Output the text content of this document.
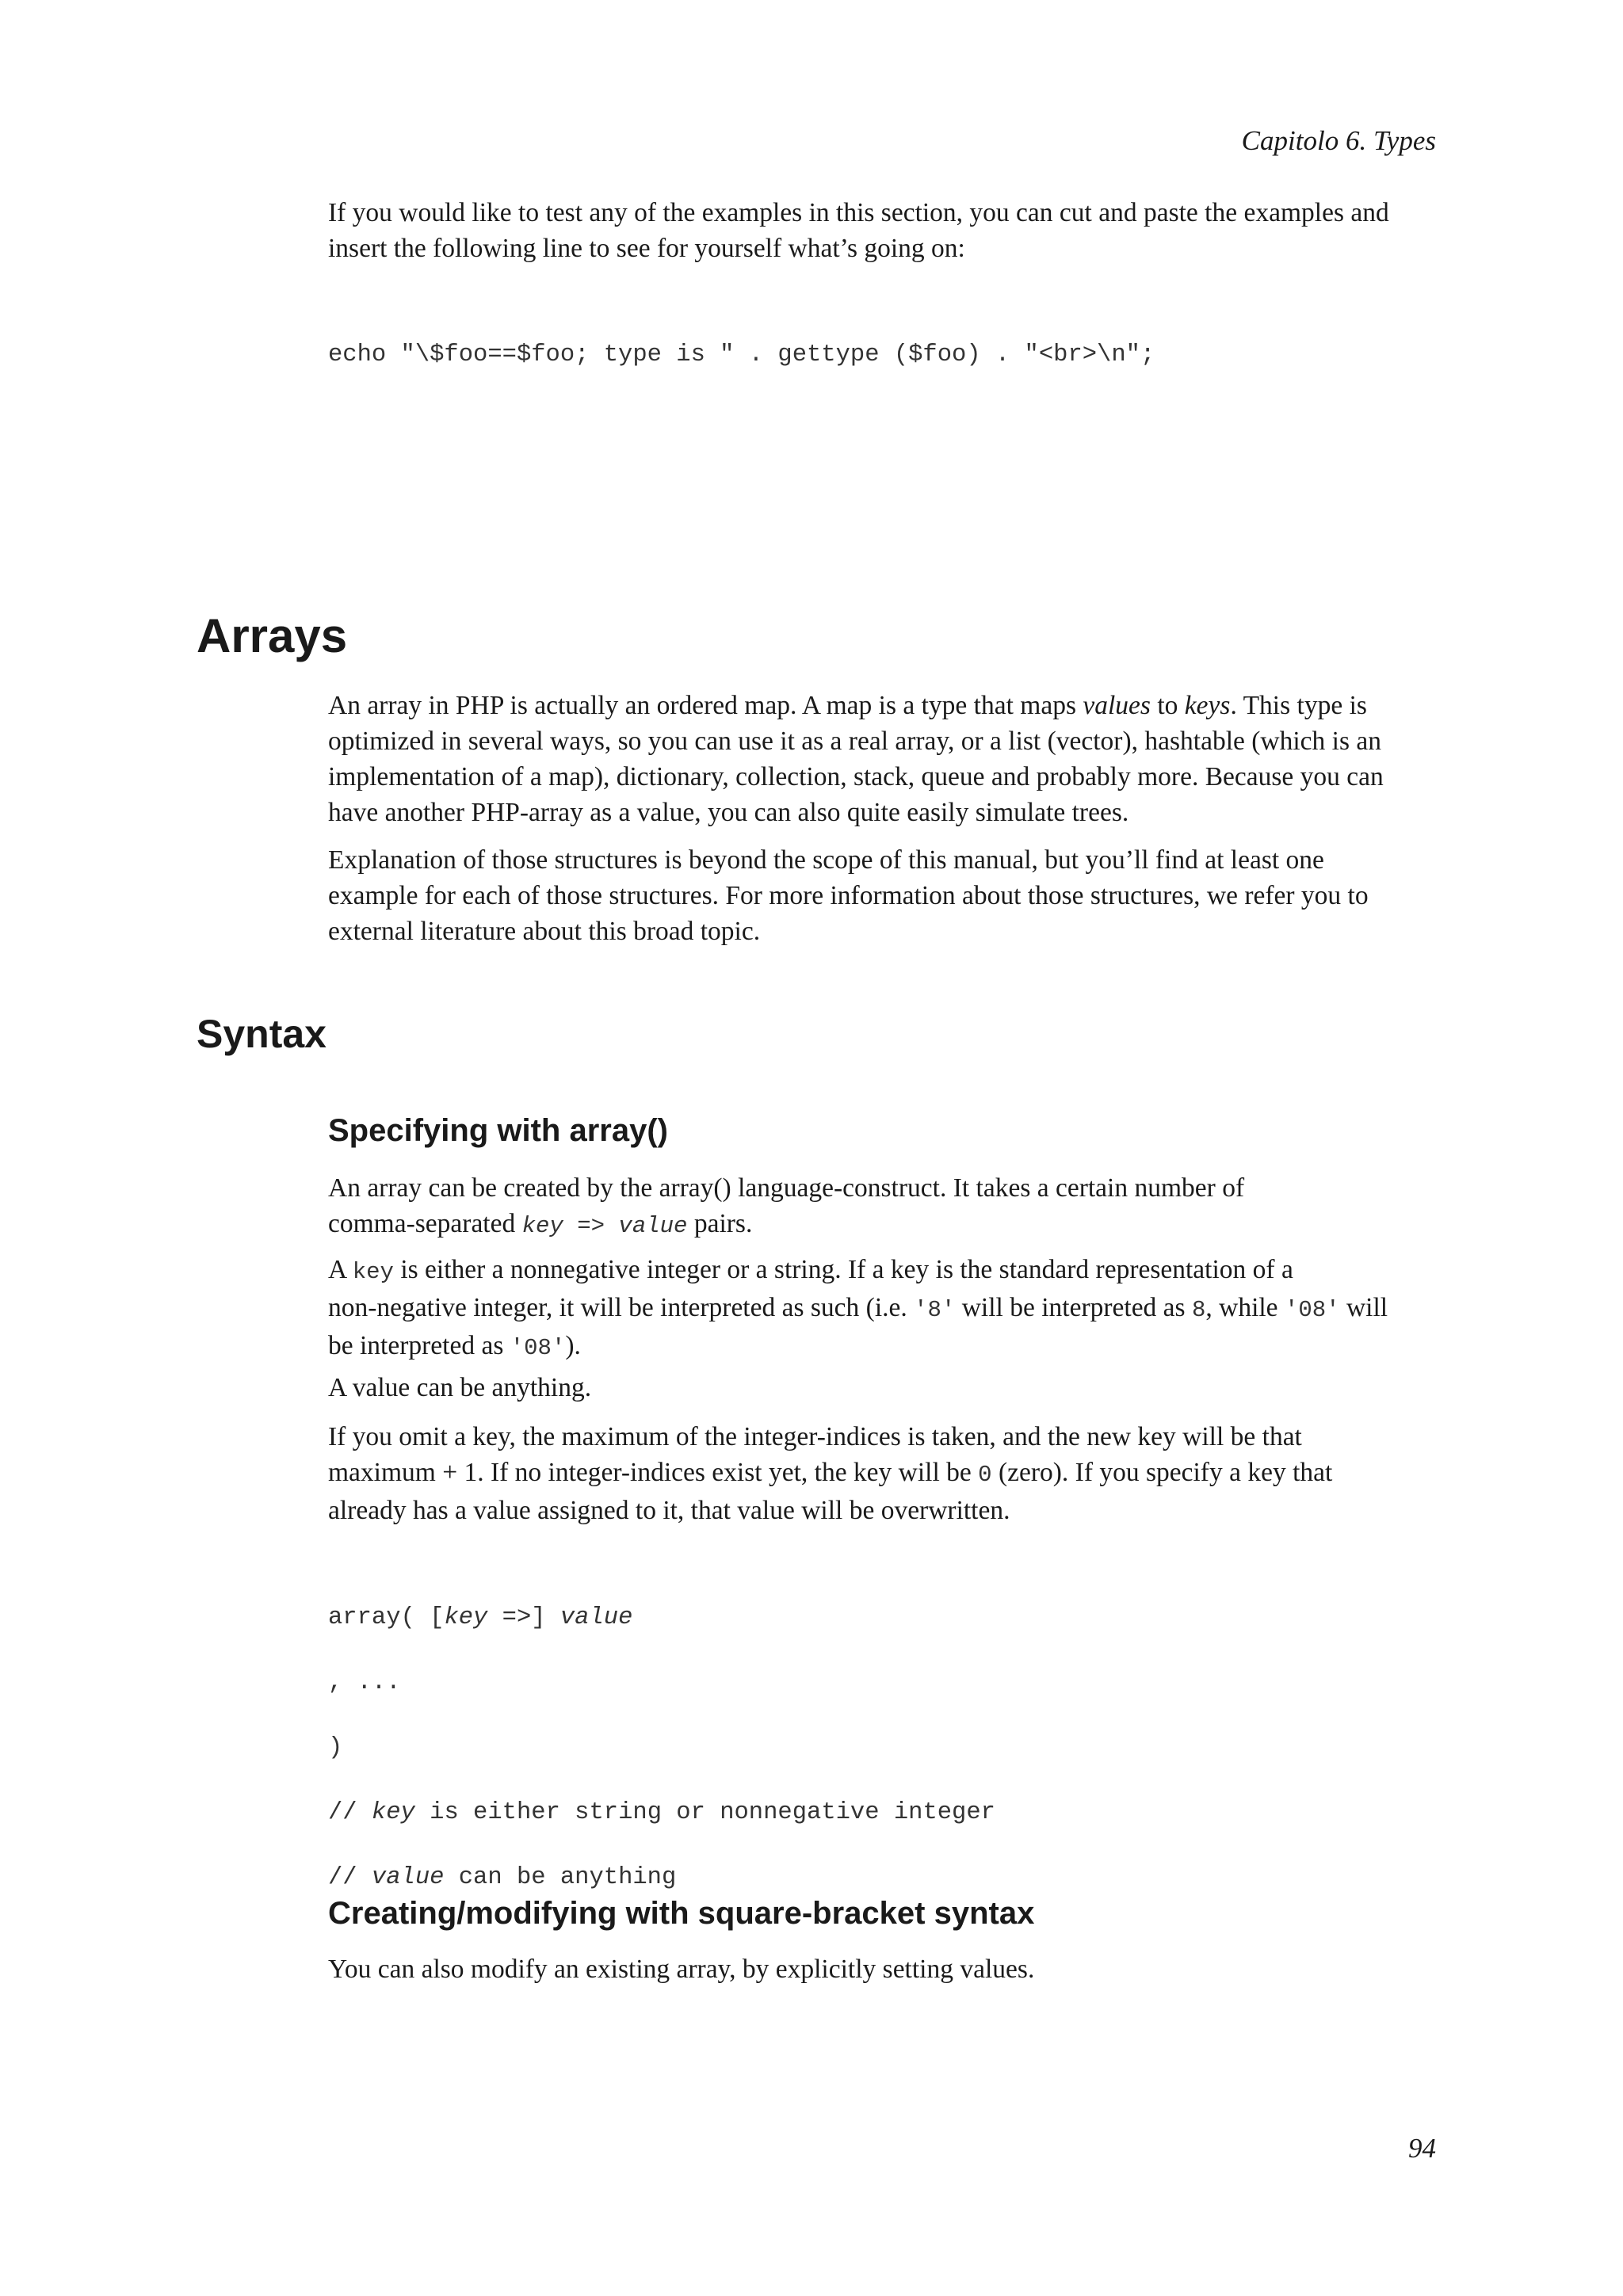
Capitolo 6. Types
If you would like to test any of the examples in this section, you can cut and paste the examples and
insert the following line to see for yourself what’s going on:
echo "\$foo==$foo; type is " . gettype ($foo) . "<br>\n";
Arrays
An array in PHP is actually an ordered map. A map is a type that maps values to keys. This type is
optimized in several ways, so you can use it as a real array, or a list (vector), hashtable (which is an
implementation of a map), dictionary, collection, stack, queue and probably more. Because you can
have another PHP-array as a value, you can also quite easily simulate trees.
Explanation of those structures is beyond the scope of this manual, but you’ll find at least one
example for each of those structures. For more information about those structures, we refer you to
external literature about this broad topic.
Syntax
Specifying with array()
An array can be created by the array() language-construct. It takes a certain number of
comma-separated key => value pairs.
A key is either a nonnegative integer or a string. If a key is the standard representation of a
non-negative integer, it will be interpreted as such (i.e. '8' will be interpreted as 8, while '08' will
be interpreted as '08').
A value can be anything.
If you omit a key, the maximum of the integer-indices is taken, and the new key will be that
maximum + 1. If no integer-indices exist yet, the key will be 0 (zero). If you specify a key that
already has a value assigned to it, that value will be overwritten.

array( [key =>] value

, ...

)

// key is either string or nonnegative integer

// value can be anything

Creating/modifying with square-bracket syntax
You can also modify an existing array, by explicitly setting values.
94
